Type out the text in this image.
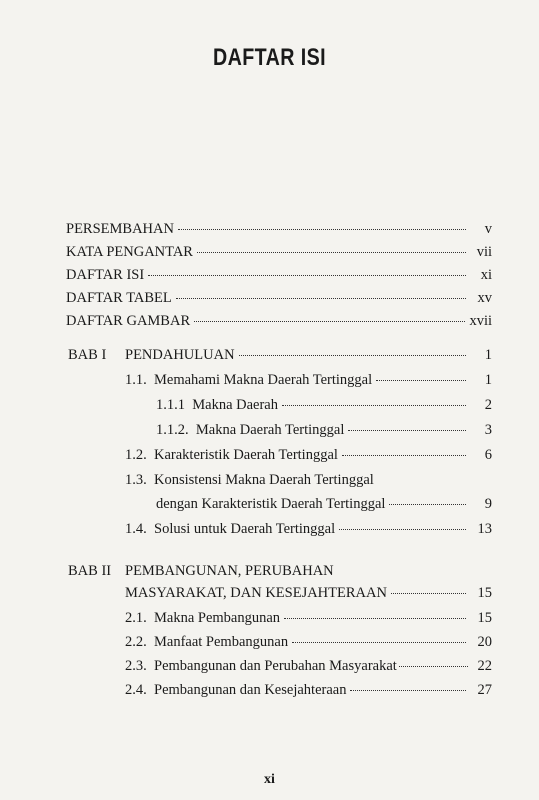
DAFTAR ISI
PERSEMBAHAN	v
KATA PENGANTAR	vii
DAFTAR ISI	xi
DAFTAR TABEL	xv
DAFTAR GAMBAR	xvii
BAB I PENDAHULUAN	1
1.1. Memahami Makna Daerah Tertinggal	1
1.1.1 Makna Daerah	2
1.1.2. Makna Daerah Tertinggal	3
1.2. Karakteristik Daerah Tertinggal	6
1.3. Konsistensi Makna Daerah Tertinggal
dengan Karakteristik Daerah Tertinggal	9
1.4. Solusi untuk Daerah Tertinggal	13
BAB II PEMBANGUNAN, PERUBAHAN
MASYARAKAT, DAN KESEJAHTERAAN	15
2.1. Makna Pembangunan	15
2.2. Manfaat Pembangunan	20
2.3. Pembangunan dan Perubahan Masyarakat	22
2.4. Pembangunan dan Kesejahteraan	27
xi
